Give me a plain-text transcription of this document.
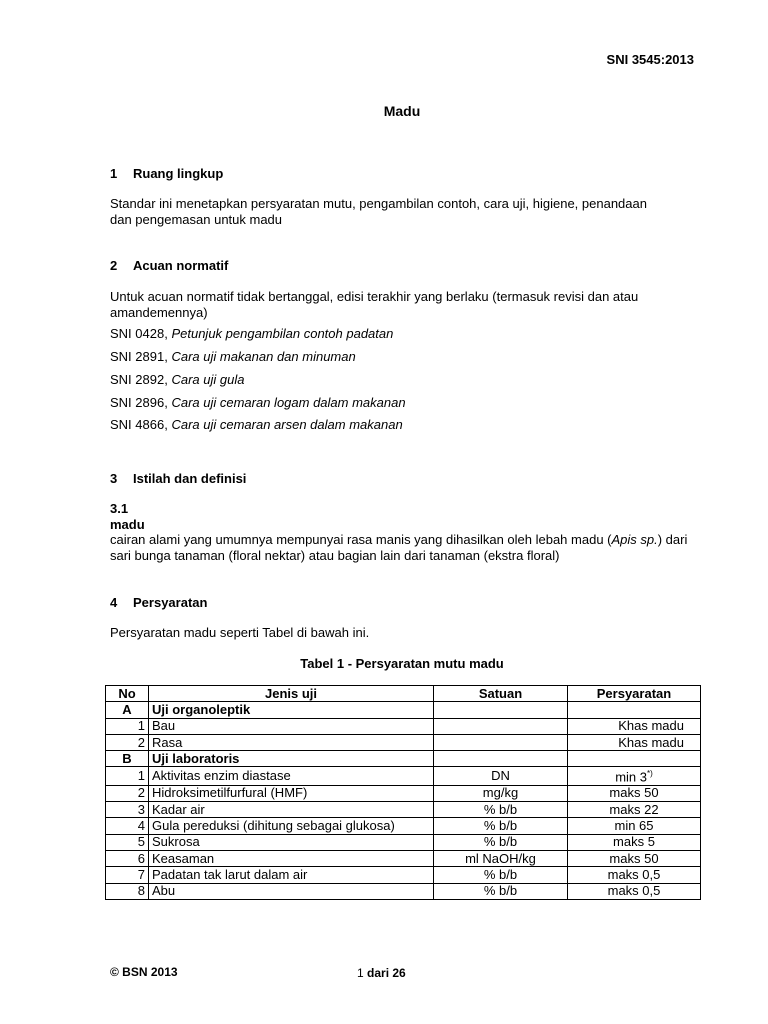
SNI 3545:2013
Madu
1 Ruang lingkup
Standar ini menetapkan persyaratan mutu, pengambilan contoh, cara uji, higiene, penandaan dan pengemasan untuk madu
2 Acuan normatif
Untuk acuan normatif tidak bertanggal, edisi terakhir yang berlaku (termasuk revisi dan atau amandemennya)
SNI 0428, Petunjuk pengambilan contoh padatan
SNI 2891, Cara uji makanan dan minuman
SNI 2892, Cara uji gula
SNI 2896, Cara uji cemaran logam dalam makanan
SNI 4866, Cara uji cemaran arsen dalam makanan
3 Istilah dan definisi
3.1
madu
cairan alami yang umumnya mempunyai rasa manis yang dihasilkan oleh lebah madu (Apis sp.) dari sari bunga tanaman (floral nektar) atau bagian lain dari tanaman (ekstra floral)
4 Persyaratan
Persyaratan madu seperti Tabel di bawah ini.
Tabel 1 - Persyaratan mutu madu
No	Jenis uji	Satuan	Persyaratan
A	Uji organoleptik		
1	Bau		Khas madu
2	Rasa		Khas madu
B	Uji laboratoris		
1	Aktivitas enzim diastase	DN	min 3*)
2	Hidroksimetilfurfural (HMF)	mg/kg	maks 50
3	Kadar air	% b/b	maks 22
4	Gula pereduksi (dihitung sebagai glukosa)	% b/b	min 65
5	Sukrosa	% b/b	maks 5
6	Keasaman	ml NaOH/kg	maks 50
7	Padatan tak larut dalam air	% b/b	maks 0,5
8	Abu	% b/b	maks 0,5
© BSN 2013	1 dari 26
